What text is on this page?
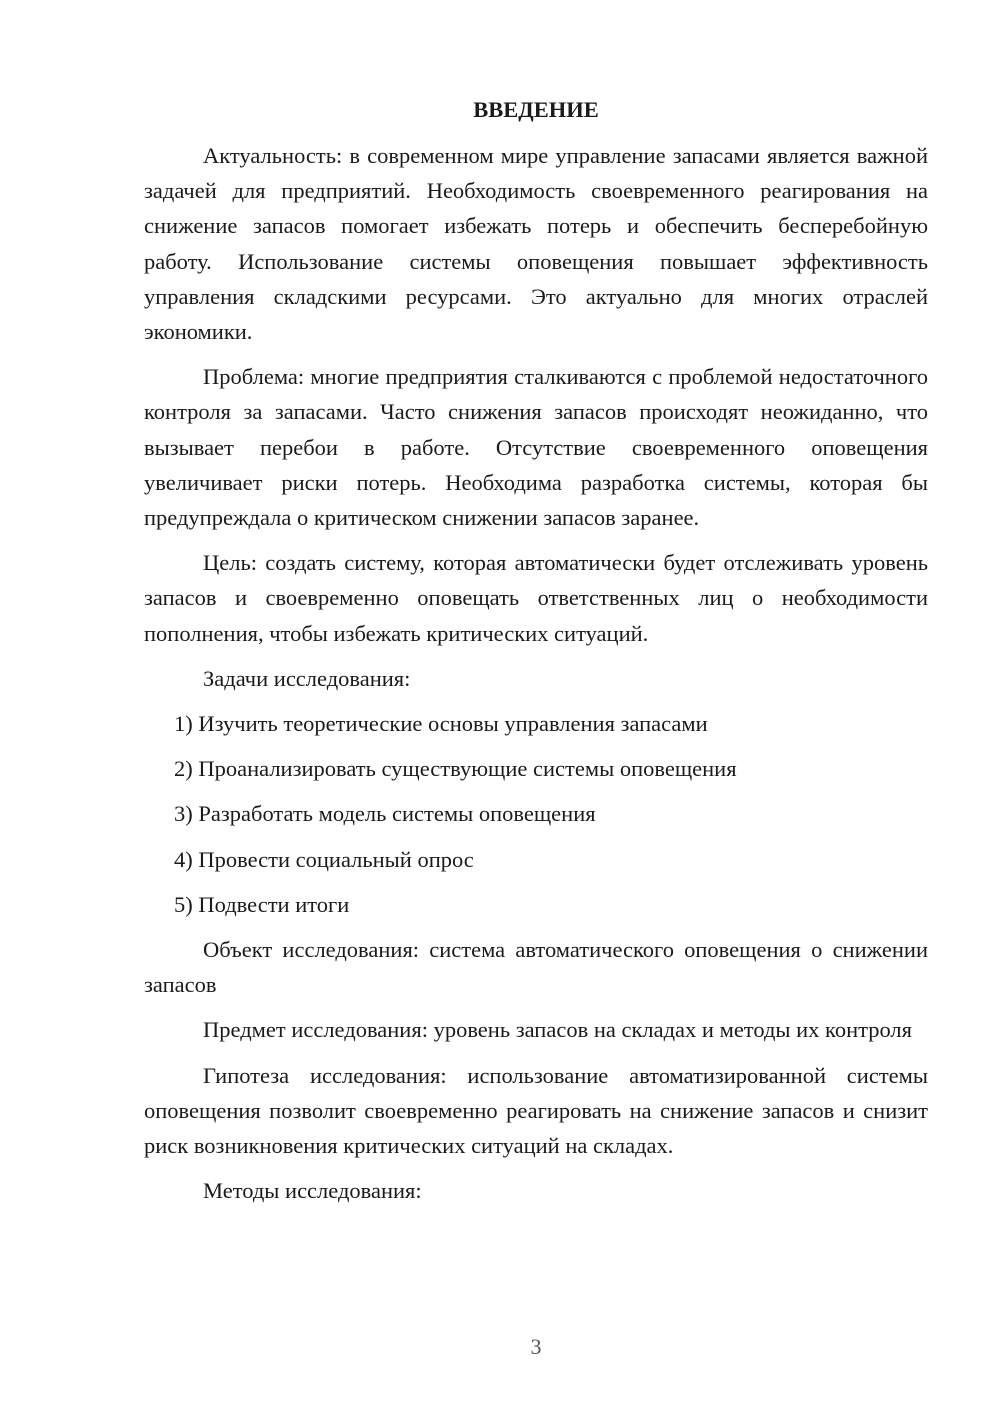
ВВЕДЕНИЕ

Актуальность: в современном мире управление запасами является важной задачей для предприятий. Необходимость своевременного реагирования на снижение запасов помогает избежать потерь и обеспечить бесперебойную работу. Использование системы оповещения повышает эффективность управления складскими ресурсами. Это актуально для многих отраслей экономики.

Проблема: многие предприятия сталкиваются с проблемой недостаточного контроля за запасами. Часто снижения запасов происходят неожиданно, что вызывает перебои в работе. Отсутствие своевременного оповещения увеличивает риски потерь. Необходима разработка системы, которая бы предупреждала о критическом снижении запасов заранее.

Цель: создать систему, которая автоматически будет отслеживать уровень запасов и своевременно оповещать ответственных лиц о необходимости пополнения, чтобы избежать критических ситуаций.

Задачи исследования:

1) Изучить теоретические основы управления запасами
2) Проанализировать существующие системы оповещения
3) Разработать модель системы оповещения
4) Провести социальный опрос
5) Подвести итоги

Объект исследования: система автоматического оповещения о снижении запасов

Предмет исследования: уровень запасов на складах и методы их контроля

Гипотеза исследования: использование автоматизированной системы оповещения позволит своевременно реагировать на снижение запасов и снизит риск возникновения критических ситуаций на складах.

Методы исследования:

3
